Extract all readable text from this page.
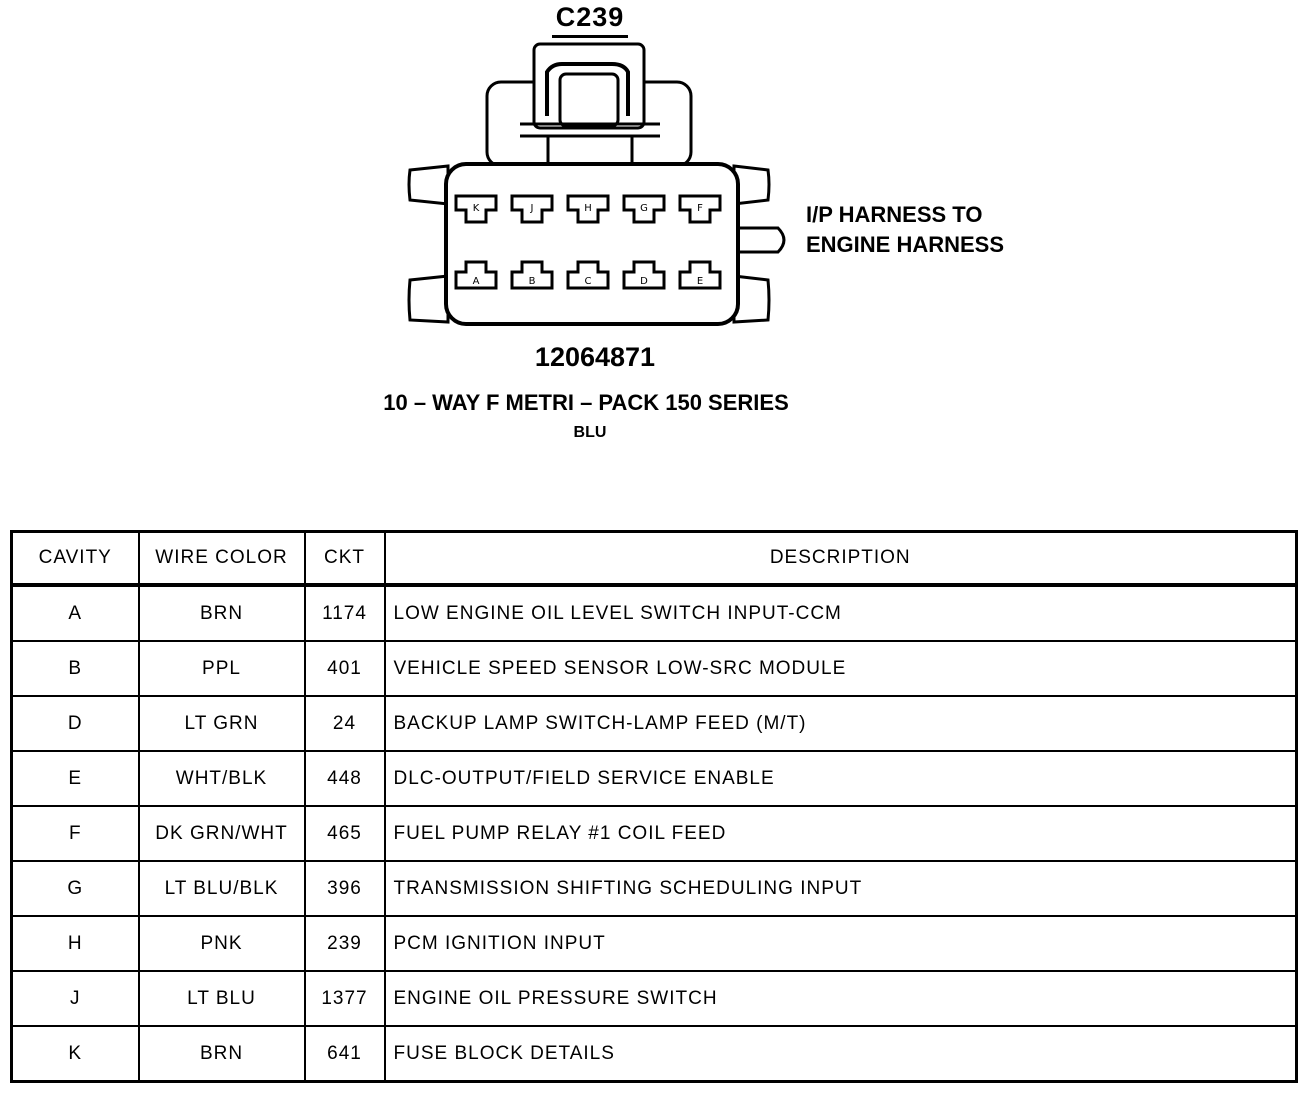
C239
K	J	H	G	F
A	B	C	D	E
I/P HARNESS TO
ENGINE HARNESS
12064871
10 – WAY F METRI – PACK 150 SERIES
BLU
CAVITY	WIRE COLOR	CKT	DESCRIPTION
A	BRN	1174	LOW ENGINE OIL LEVEL SWITCH INPUT-CCM
B	PPL	401	VEHICLE SPEED SENSOR LOW-SRC MODULE
D	LT GRN	24	BACKUP LAMP SWITCH-LAMP FEED (M/T)
E	WHT/BLK	448	DLC-OUTPUT/FIELD SERVICE ENABLE
F	DK GRN/WHT	465	FUEL PUMP RELAY #1 COIL FEED
G	LT BLU/BLK	396	TRANSMISSION SHIFTING SCHEDULING INPUT
H	PNK	239	PCM IGNITION INPUT
J	LT BLU	1377	ENGINE OIL PRESSURE SWITCH
K	BRN	641	FUSE BLOCK DETAILS
